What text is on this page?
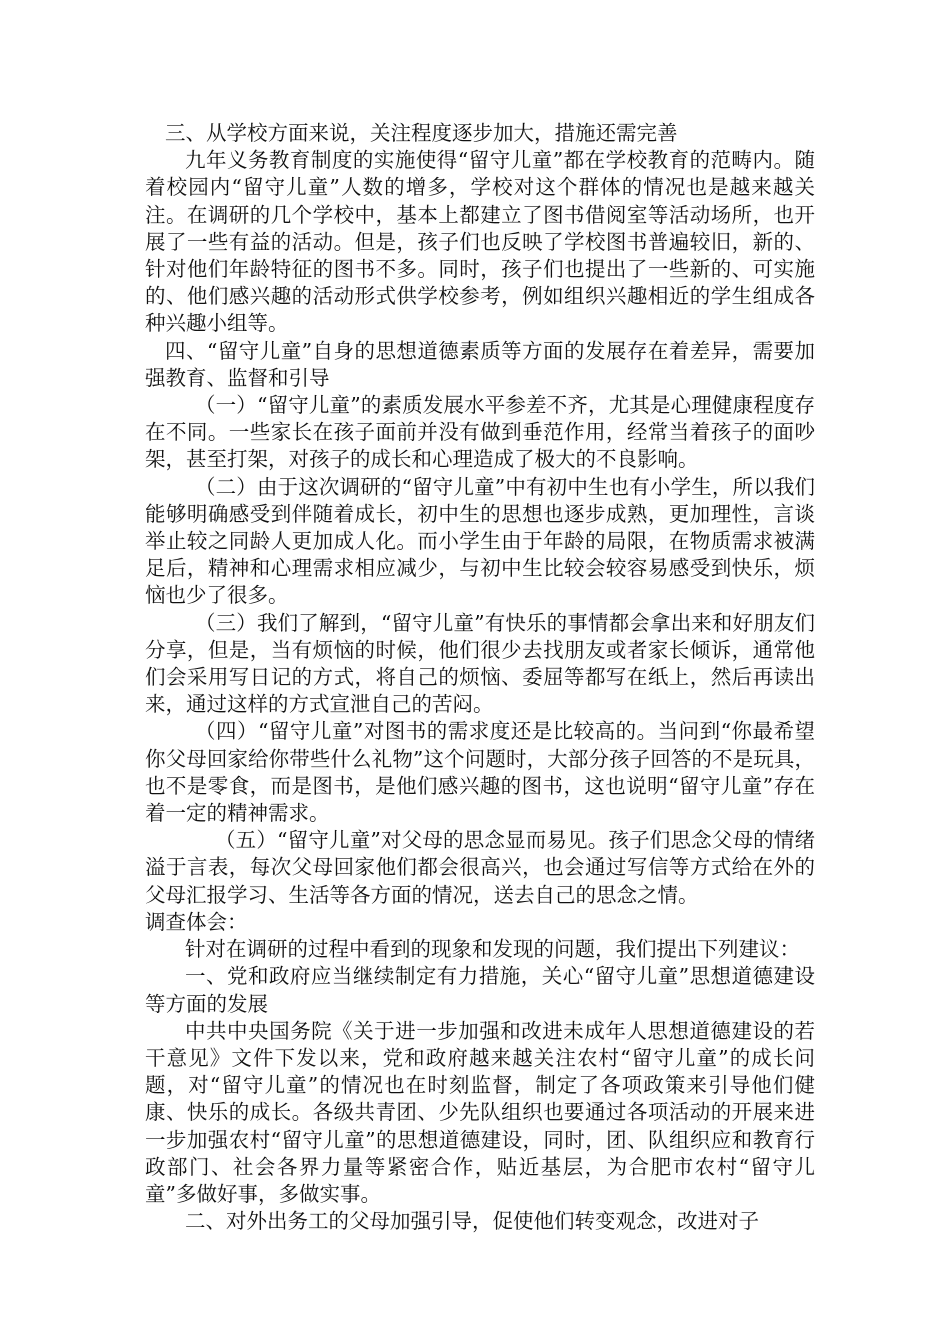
三、从学校方面来说，关注程度逐步加大，措施还需完善

九年义务教育制度的实施使得“留守儿童”都在学校教育的范畴内。随着校园内“留守儿童”人数的增多，学校对这个群体的情况也是越来越关注。在调研的几个学校中，基本上都建立了图书借阅室等活动场所，也开展了一些有益的活动。但是，孩子们也反映了学校图书普遍较旧，新的、针对他们年龄特征的图书不多。同时，孩子们也提出了一些新的、可实施的、他们感兴趣的活动形式供学校参考，例如组织兴趣相近的学生组成各种兴趣小组等。

四、“留守儿童”自身的思想道德素质等方面的发展存在着差异，需要加强教育、监督和引导

（一）“留守儿童”的素质发展水平参差不齐，尤其是心理健康程度存在不同。一些家长在孩子面前并没有做到垂范作用，经常当着孩子的面吵架，甚至打架，对孩子的成长和心理造成了极大的不良影响。

（二）由于这次调研的“留守儿童”中有初中生也有小学生，所以我们能够明确感受到伴随着成长，初中生的思想也逐步成熟，更加理性，言谈举止较之同龄人更加成人化。而小学生由于年龄的局限，在物质需求被满足后，精神和心理需求相应减少，与初中生比较会较容易感受到快乐，烦恼也少了很多。

（三）我们了解到，“留守儿童”有快乐的事情都会拿出来和好朋友们分享，但是，当有烦恼的时候，他们很少去找朋友或者家长倾诉，通常他们会采用写日记的方式，将自己的烦恼、委屈等都写在纸上，然后再读出来，通过这样的方式宣泄自己的苦闷。

（四）“留守儿童”对图书的需求度还是比较高的。当问到“你最希望你父母回家给你带些什么礼物”这个问题时，大部分孩子回答的不是玩具，也不是零食，而是图书，是他们感兴趣的图书，这也说明“留守儿童”存在着一定的精神需求。

（五）“留守儿童”对父母的思念显而易见。孩子们思念父母的情绪溢于言表，每次父母回家他们都会很高兴，也会通过写信等方式给在外的父母汇报学习、生活等各方面的情况，送去自己的思念之情。

调查体会：

针对在调研的过程中看到的现象和发现的问题，我们提出下列建议：

一、党和政府应当继续制定有力措施，关心“留守儿童”思想道德建设等方面的发展

中共中央国务院《关于进一步加强和改进未成年人思想道德建设的若干意见》文件下发以来，党和政府越来越关注农村“留守儿童”的成长问题，对“留守儿童”的情况也在时刻监督，制定了各项政策来引导他们健康、快乐的成长。各级共青团、少先队组织也要通过各项活动的开展来进一步加强农村“留守儿童”的思想道德建设，同时，团、队组织应和教育行政部门、社会各界力量等紧密合作，贴近基层，为合肥市农村“留守儿童”多做好事，多做实事。

二、对外出务工的父母加强引导，促使他们转变观念，改进对子
